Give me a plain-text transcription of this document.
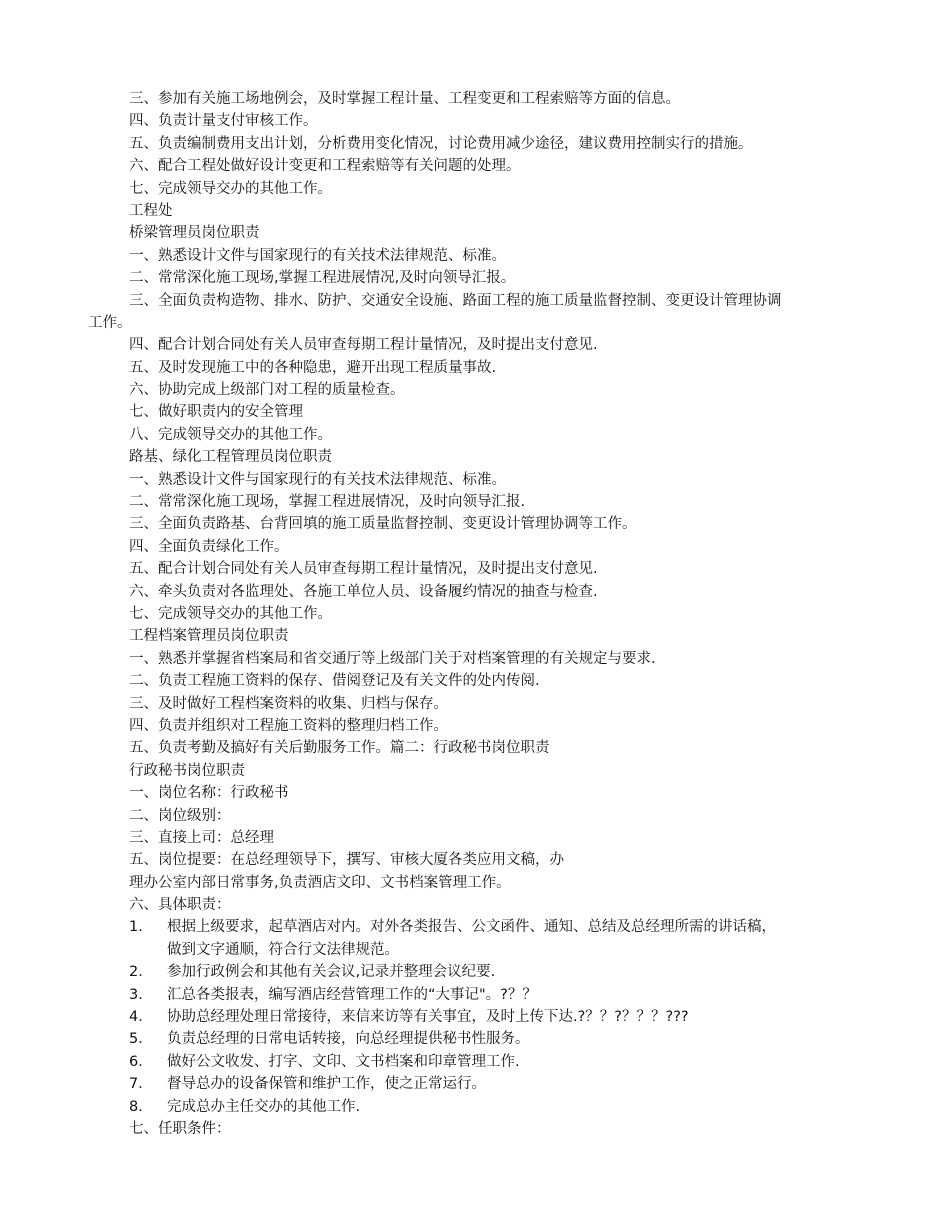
三、参加有关施工场地例会，及时掌握工程计量、工程变更和工程索赔等方面的信息。
四、负责计量支付审核工作。
五、负责编制费用支出计划，分析费用变化情况，讨论费用减少途径，建议费用控制实行的措施。
六、配合工程处做好设计变更和工程索赔等有关问题的处理。
七、完成领导交办的其他工作。
工程处
桥梁管理员岗位职责
一、熟悉设计文件与国家现行的有关技术法律规范、标准。
二、常常深化施工现场,掌握工程进展情况,及时向领导汇报。
三、全面负责构造物、排水、防护、交通安全设施、路面工程的施工质量监督控制、变更设计管理协调
工作。
四、配合计划合同处有关人员审查每期工程计量情况，及时提出支付意见.
五、及时发现施工中的各种隐患，避开出现工程质量事故.
六、协助完成上级部门对工程的质量检查。
七、做好职责内的安全管理
八、完成领导交办的其他工作。
路基、绿化工程管理员岗位职责
一、熟悉设计文件与国家现行的有关技术法律规范、标准。
二、常常深化施工现场，掌握工程进展情况，及时向领导汇报.
三、全面负责路基、台背回填的施工质量监督控制、变更设计管理协调等工作。
四、全面负责绿化工作。
五、配合计划合同处有关人员审查每期工程计量情况，及时提出支付意见.
六、牵头负责对各监理处、各施工单位人员、设备履约情况的抽查与检查.
七、完成领导交办的其他工作。
工程档案管理员岗位职责
一、熟悉并掌握省档案局和省交通厅等上级部门关于对档案管理的有关规定与要求.
二、负责工程施工资料的保存、借阅登记及有关文件的处内传阅.
三、及时做好工程档案资料的收集、归档与保存。
四、负责并组织对工程施工资料的整理归档工作。
五、负责考勤及搞好有关后勤服务工作。篇二：行政秘书岗位职责
行政秘书岗位职责
一、岗位名称：行政秘书
二、岗位级别：
三、直接上司：总经理
五、岗位提要：在总经理领导下，撰写、审核大厦各类应用文稿，办
理办公室内部日常事务,负责酒店文印、文书档案管理工作。
六、具体职责：
1． 根据上级要求，起草酒店对内。对外各类报告、公文函件、通知、总结及总经理所需的讲话稿，
做到文字通顺，符合行文法律规范。
2． 参加行政例会和其他有关会议,记录并整理会议纪要.
3． 汇总各类报表，编写酒店经营管理工作的“大事记"。?？？
4． 协助总经理处理日常接待，来信来访等有关事宜，及时上传下达.?？？?？？？???
5． 负责总经理的日常电话转接，向总经理提供秘书性服务。
6． 做好公文收发、打字、文印、文书档案和印章管理工作.
7． 督导总办的设备保管和维护工作，使之正常运行。
8． 完成总办主任交办的其他工作.
七、任职条件：
